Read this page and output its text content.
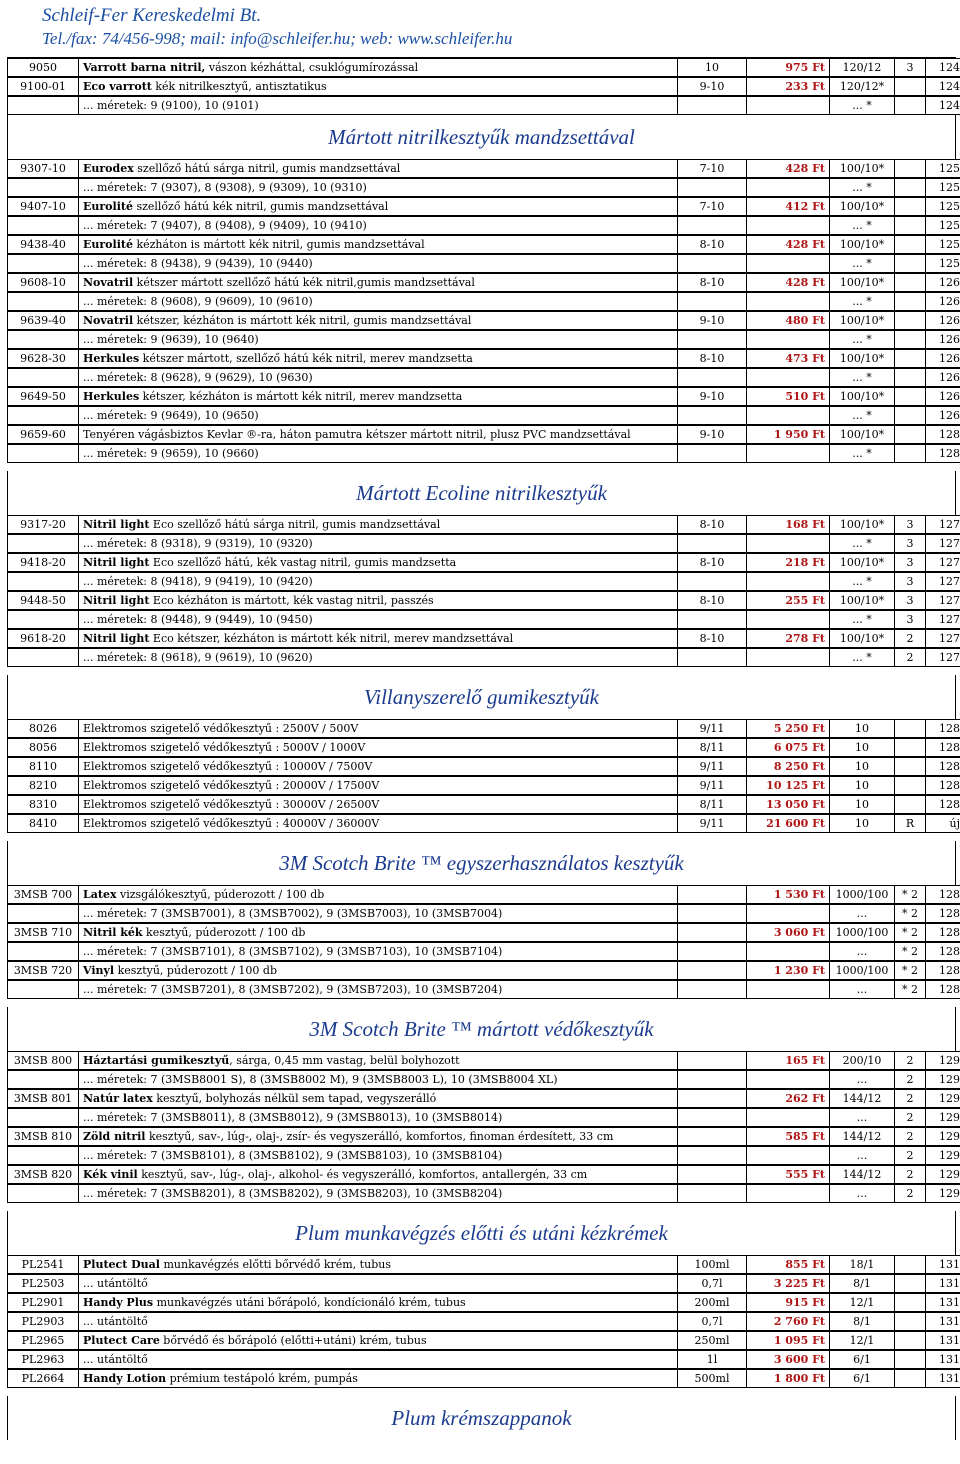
Schleif-Fer Kereskedelmi Bt.
Tel./fax: 74/456-998; mail: info@schleifer.hu; web: www.schleifer.hu
9050	Varrott barna nitril, vászon kézháttal, csuklógumírozással	10	975 Ft	120/12	3	124
9100-01	Eco varrott kék nitrilkesztyű, antisztatikus	9-10	233 Ft	120/12*		124
	... méretek: 9 (9100), 10 (9101)			... *		124
Mártott nitrilkesztyűk mandzsettával
9307-10	Eurodex szellőző hátú sárga nitril, gumis mandzsettával	7-10	428 Ft	100/10*		125
	... méretek: 7 (9307), 8 (9308), 9 (9309), 10 (9310)			... *		125
9407-10	Eurolité szellőző hátú kék nitril, gumis mandzsettával	7-10	412 Ft	100/10*		125
	... méretek: 7 (9407), 8 (9408), 9 (9409), 10 (9410)			... *		125
9438-40	Eurolité kézháton is mártott kék nitril, gumis mandzsettával	8-10	428 Ft	100/10*		125
	... méretek: 8 (9438), 9 (9439), 10 (9440)			... *		125
9608-10	Novatril kétszer mártott szellőző hátú kék nitril,gumis mandzsettával	8-10	428 Ft	100/10*		126
	... méretek: 8 (9608), 9 (9609), 10 (9610)			... *		126
9639-40	Novatril kétszer, kézháton is mártott kék nitril, gumis mandzsettával	9-10	480 Ft	100/10*		126
	... méretek: 9 (9639), 10 (9640)			... *		126
9628-30	Herkules kétszer mártott, szellőző hátú kék nitril, merev mandzsetta	8-10	473 Ft	100/10*		126
	... méretek: 8 (9628), 9 (9629), 10 (9630)			... *		126
9649-50	Herkules kétszer, kézháton is mártott kék nitril, merev mandzsetta	9-10	510 Ft	100/10*		126
	... méretek: 9 (9649), 10 (9650)			... *		126
9659-60	Tenyéren vágásbiztos Kevlar ®-ra, háton pamutra kétszer mártott nitril, plusz PVC mandzsettával	9-10	1 950 Ft	100/10*		128
	... méretek: 9 (9659), 10 (9660)			... *		128
Mártott Ecoline nitrilkesztyűk
9317-20	Nitril light Eco szellőző hátú sárga nitril, gumis mandzsettával	8-10	168 Ft	100/10*	3	127
	... méretek: 8 (9318), 9 (9319), 10 (9320)			... *	3	127
9418-20	Nitril light Eco szellőző hátú, kék vastag nitril, gumis mandzsetta	8-10	218 Ft	100/10*	3	127
	... méretek: 8 (9418), 9 (9419), 10 (9420)			... *	3	127
9448-50	Nitril light Eco kézháton is mártott, kék vastag nitril, passzés	8-10	255 Ft	100/10*	3	127
	... méretek: 8 (9448), 9 (9449), 10 (9450)			... *	3	127
9618-20	Nitril light Eco kétszer, kézháton is mártott kék nitril, merev mandzsettával	8-10	278 Ft	100/10*	2	127
	... méretek: 8 (9618), 9 (9619), 10 (9620)			... *	2	127
Villanyszerelő gumikesztyűk
8026	Elektromos szigetelő védőkesztyű : 2500V / 500V	9/11	5 250 Ft	10		128
8056	Elektromos szigetelő védőkesztyű : 5000V / 1000V	8/11	6 075 Ft	10		128
8110	Elektromos szigetelő védőkesztyű : 10000V / 7500V	9/11	8 250 Ft	10		128
8210	Elektromos szigetelő védőkesztyű : 20000V / 17500V	9/11	10 125 Ft	10		128
8310	Elektromos szigetelő védőkesztyű : 30000V / 26500V	8/11	13 050 Ft	10		128
8410	Elektromos szigetelő védőkesztyű : 40000V / 36000V	9/11	21 600 Ft	10	R	új
3M Scotch Brite ™ egyszerhasználatos kesztyűk
3MSB 700	Latex vizsgálókesztyű, púderozott / 100 db		1 530 Ft	1000/100	* 2	128
	... méretek: 7 (3MSB7001), 8 (3MSB7002), 9 (3MSB7003), 10 (3MSB7004)			...	* 2	128
3MSB 710	Nitril kék kesztyű, púderozott / 100 db		3 060 Ft	1000/100	* 2	128
	... méretek: 7 (3MSB7101), 8 (3MSB7102), 9 (3MSB7103), 10 (3MSB7104)			...	* 2	128
3MSB 720	Vinyl kesztyű, púderozott / 100 db		1 230 Ft	1000/100	* 2	128
	... méretek: 7 (3MSB7201), 8 (3MSB7202), 9 (3MSB7203), 10 (3MSB7204)			...	* 2	128
3M Scotch Brite ™ mártott védőkesztyűk
3MSB 800	Háztartási gumikesztyű, sárga, 0,45 mm vastag, belül bolyhozott		165 Ft	200/10	2	129
	... méretek: 7 (3MSB8001 S), 8 (3MSB8002 M), 9 (3MSB8003 L), 10 (3MSB8004 XL)			...	2	129
3MSB 801	Natúr latex kesztyű, bolyhozás nélkül sem tapad, vegyszerálló		262 Ft	144/12	2	129
	... méretek: 7 (3MSB8011), 8 (3MSB8012), 9 (3MSB8013), 10 (3MSB8014)			...	2	129
3MSB 810	Zöld nitril kesztyű, sav-, lúg-, olaj-, zsír- és vegyszerálló, komfortos, finoman érdesített, 33 cm		585 Ft	144/12	2	129
	... méretek: 7 (3MSB8101), 8 (3MSB8102), 9 (3MSB8103), 10 (3MSB8104)			...	2	129
3MSB 820	Kék vinil kesztyű, sav-, lúg-, olaj-, alkohol- és vegyszerálló, komfortos, antallergén, 33 cm		555 Ft	144/12	2	129
	... méretek: 7 (3MSB8201), 8 (3MSB8202), 9 (3MSB8203), 10 (3MSB8204)			...	2	129
Plum munkavégzés előtti és utáni kézkrémek
PL2541	Plutect Dual munkavégzés előtti bőrvédő krém, tubus	100ml	855 Ft	18/1		131
PL2503	... utántöltő	0,7l	3 225 Ft	8/1		131
PL2901	Handy Plus munkavégzés utáni bőrápoló, kondícionáló krém, tubus	200ml	915 Ft	12/1		131
PL2903	... utántöltő	0,7l	2 760 Ft	8/1		131
PL2965	Plutect Care bőrvédő és bőrápoló (előtti+utáni) krém, tubus	250ml	1 095 Ft	12/1		131
PL2963	... utántöltő	1l	3 600 Ft	6/1		131
PL2664	Handy Lotion prémium testápoló krém, pumpás	500ml	1 800 Ft	6/1		131
Plum krémszappanok
